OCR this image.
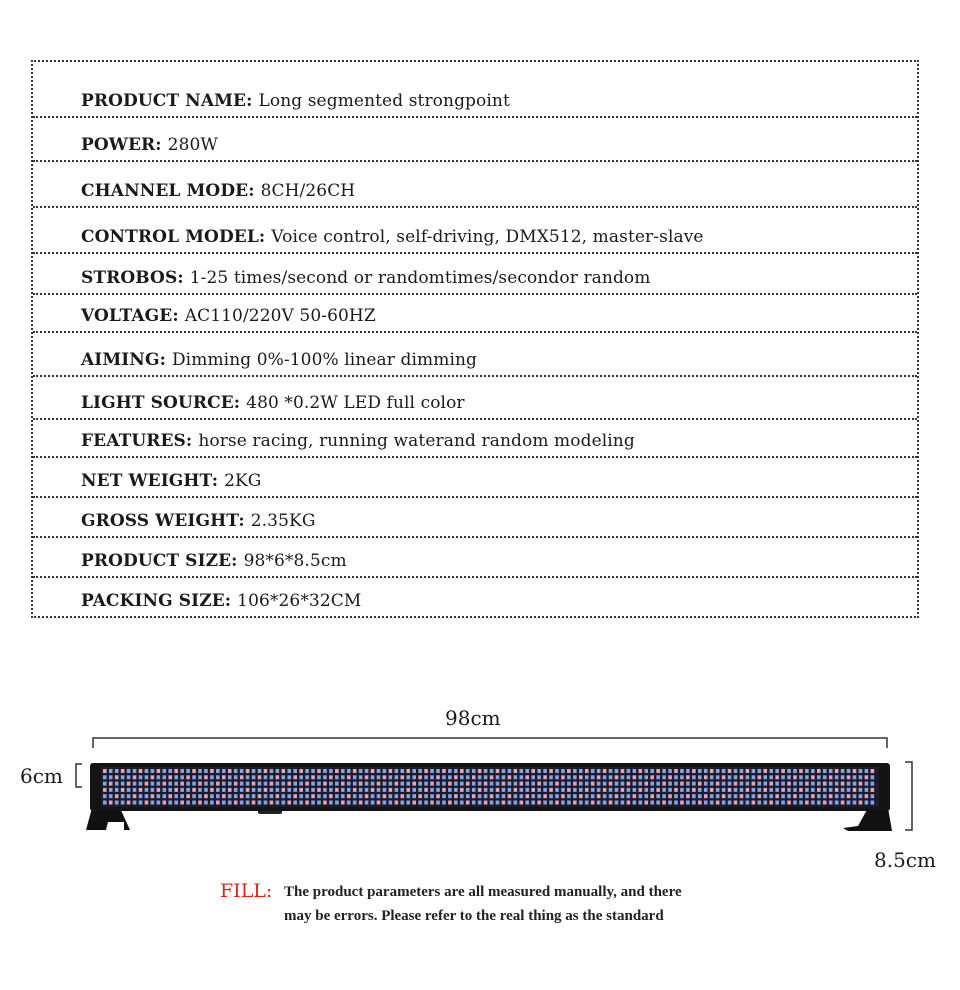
PRODUCT NAME: Long segmented strongpoint
POWER: 280W
CHANNEL MODE: 8CH/26CH
CONTROL MODEL: Voice control, self-driving, DMX512, master-slave
STROBOS: 1-25 times/second or randomtimes/secondor random
VOLTAGE: AC110/220V 50-60HZ
AIMING: Dimming 0%-100% linear dimming
LIGHT SOURCE: 480 *0.2W LED full color
FEATURES: horse racing, running waterand random modeling
NET WEIGHT: 2KG
GROSS WEIGHT: 2.35KG
PRODUCT SIZE: 98*6*8.5cm
PACKING SIZE: 106*26*32CM
98cm
6cm
8.5cm
FILL: The product parameters are all measured manually, and there
may be errors. Please refer to the real thing as the standard
